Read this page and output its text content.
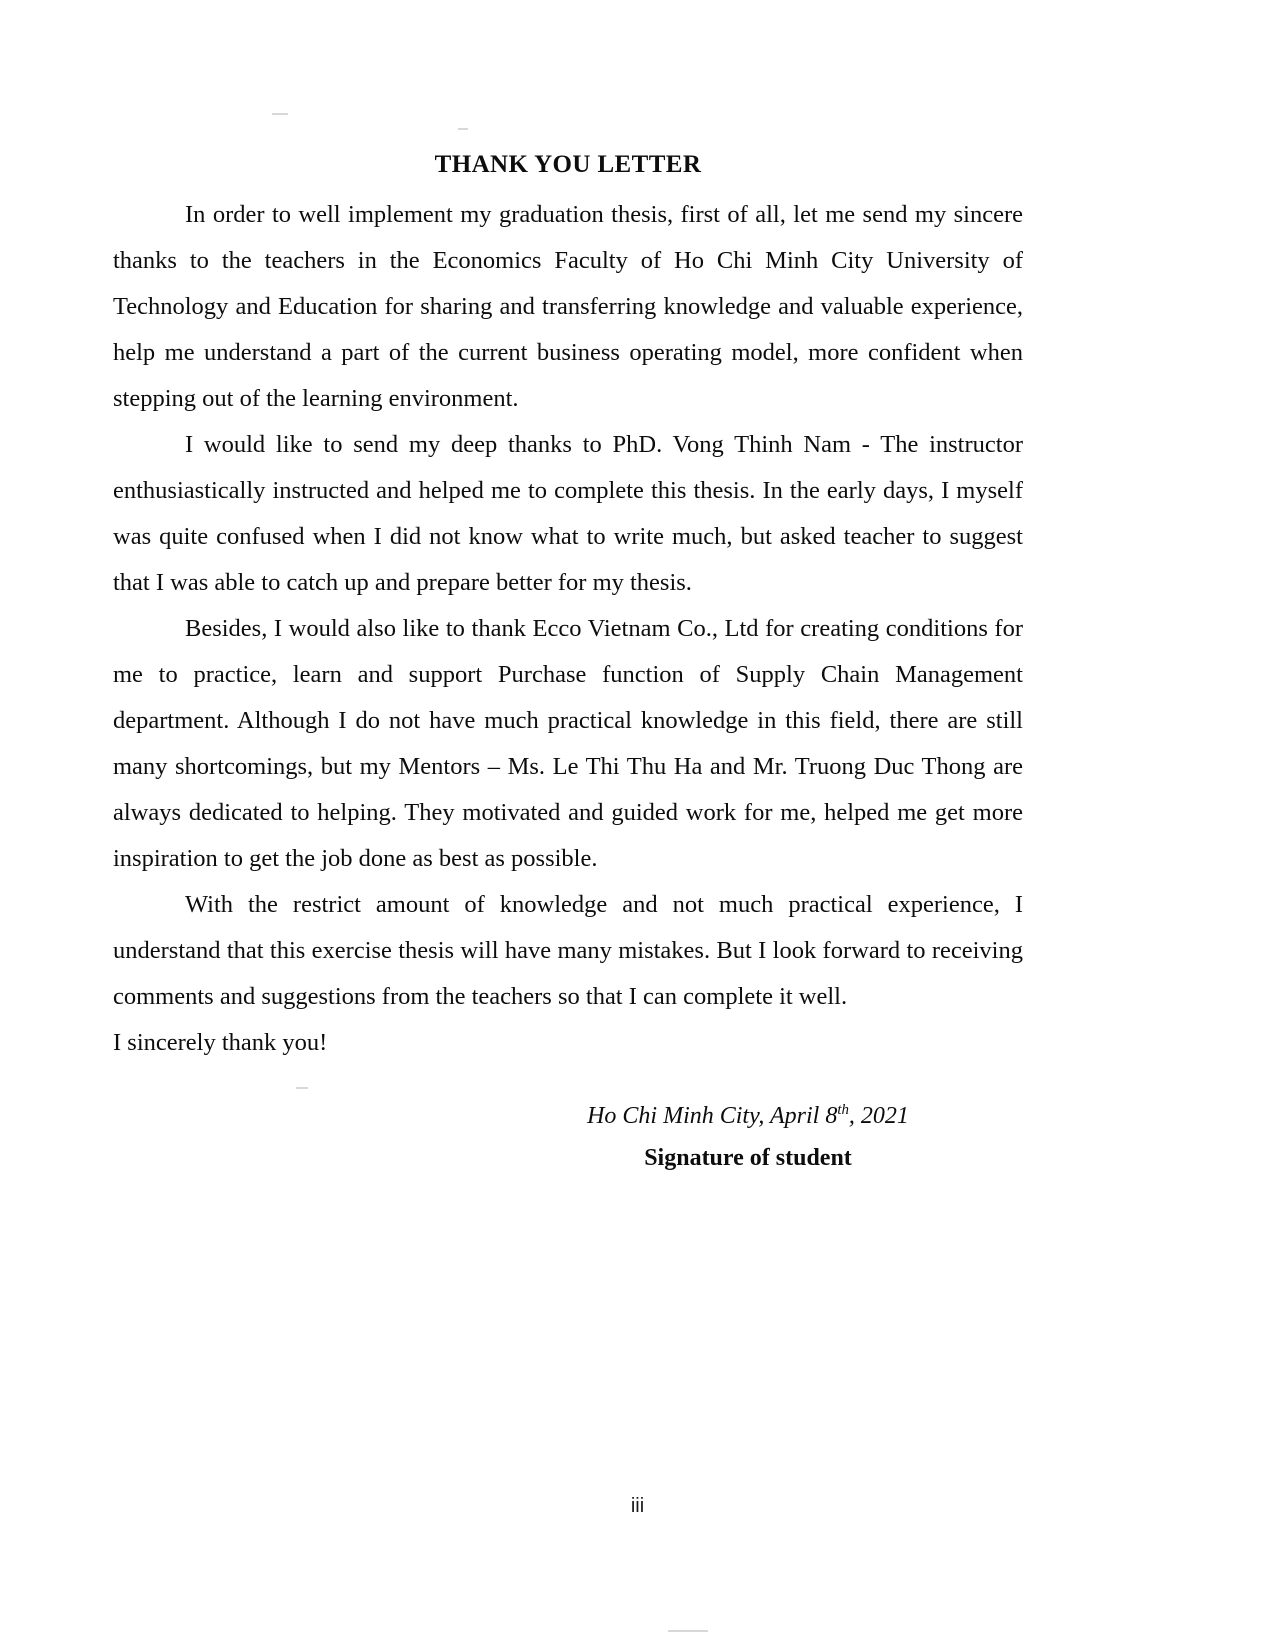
THANK YOU LETTER

In order to well implement my graduation thesis, first of all, let me send my sincere thanks to the teachers in the Economics Faculty of Ho Chi Minh City University of Technology and Education for sharing and transferring knowledge and valuable experience, help me understand a part of the current business operating model, more confident when stepping out of the learning environment.

I would like to send my deep thanks to PhD. Vong Thinh Nam - The instructor enthusiastically instructed and helped me to complete this thesis. In the early days, I myself was quite confused when I did not know what to write much, but asked teacher to suggest that I was able to catch up and prepare better for my thesis.

Besides, I would also like to thank Ecco Vietnam Co., Ltd for creating conditions for me to practice, learn and support Purchase function of Supply Chain Management department. Although I do not have much practical knowledge in this field, there are still many shortcomings, but my Mentors – Ms. Le Thi Thu Ha and Mr. Truong Duc Thong are always dedicated to helping. They motivated and guided work for me, helped me get more inspiration to get the job done as best as possible.

With the restrict amount of knowledge and not much practical experience, I understand that this exercise thesis will have many mistakes. But I look forward to receiving comments and suggestions from the teachers so that I can complete it well.

I sincerely thank you!

Ho Chi Minh City, April 8th, 2021
Signature of student
iii
